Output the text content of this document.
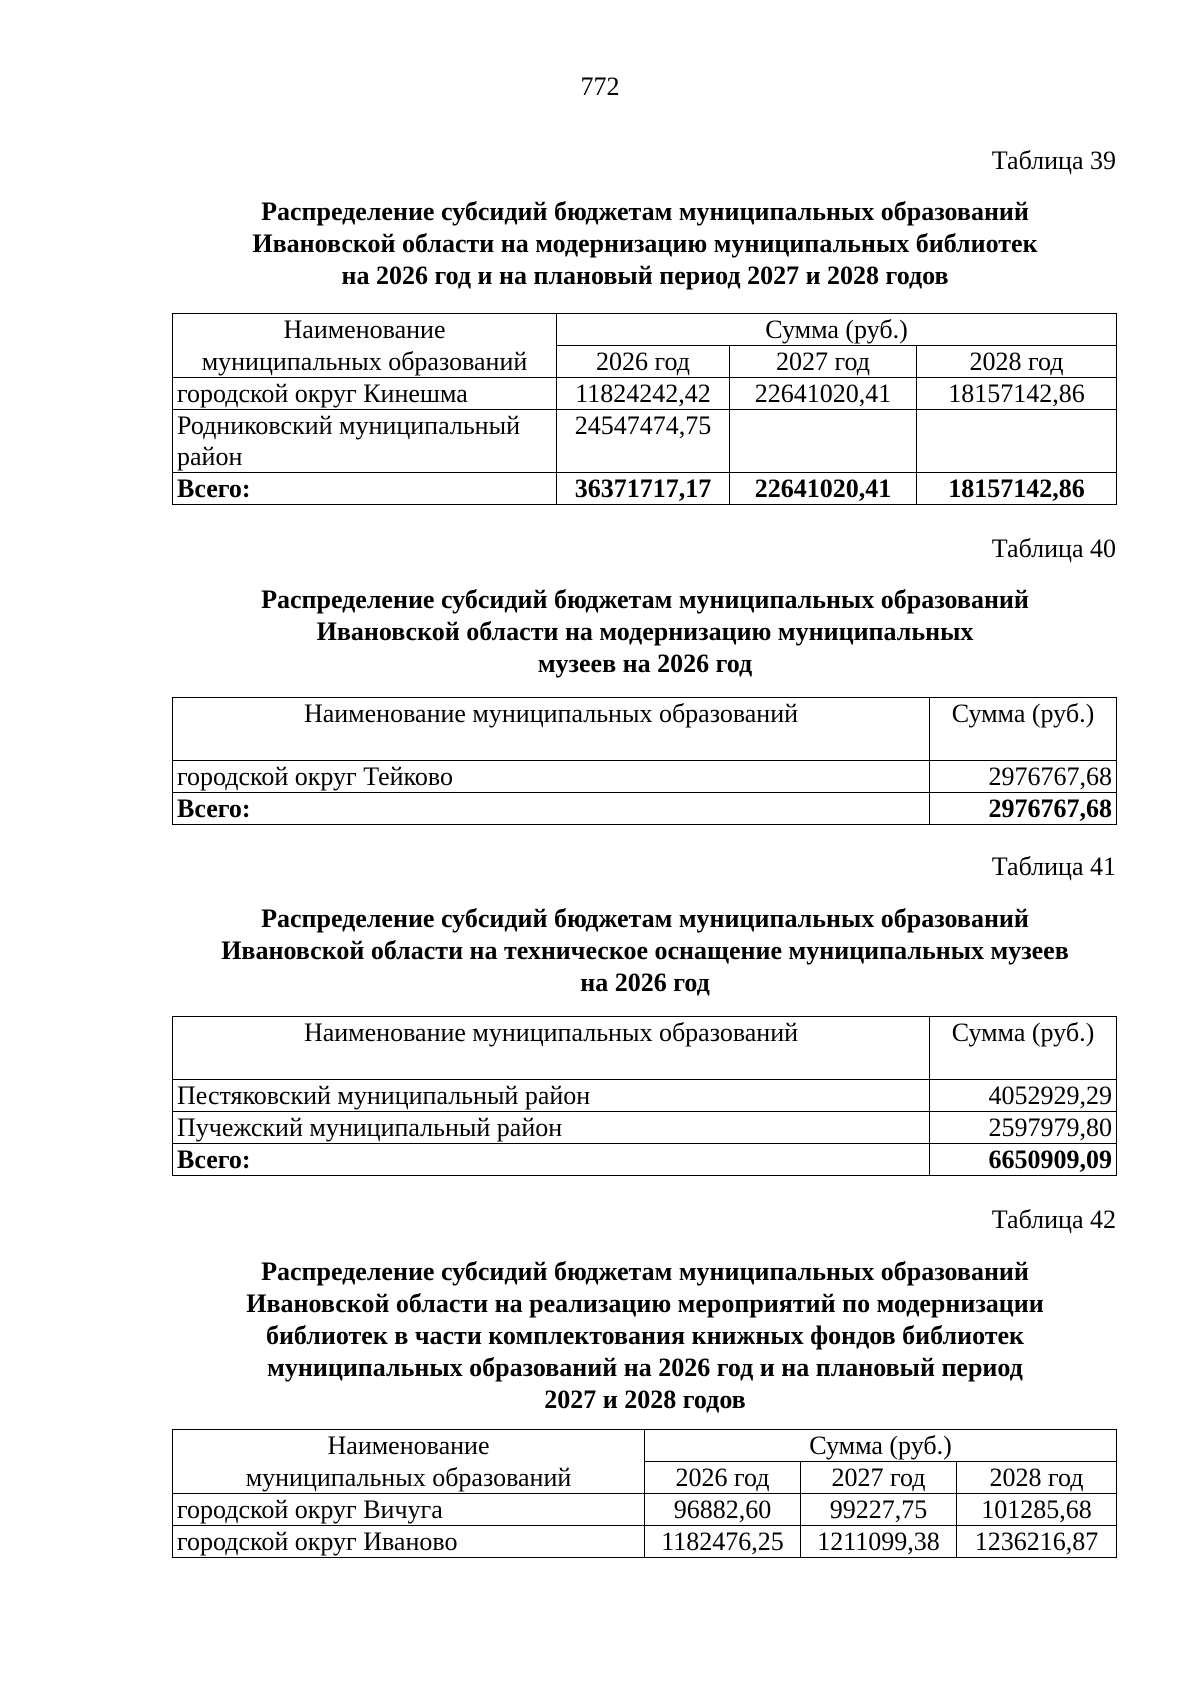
772
Таблица 39
Распределение субсидий бюджетам муниципальных образований
Ивановской области на модернизацию муниципальных библиотек
на 2026 год и на плановый период 2027 и 2028 годов
Наименование	Сумма (руб.)		
муниципальных образований	2026 год	2027 год	2028 год
городской округ Кинешма	11824242,42	22641020,41	18157142,86

Родниковский муниципальный
район	24547474,75		
Всего:	36371717,17	22641020,41	18157142,86
Таблица 40
Распределение субсидий бюджетам муниципальных образований
Ивановской области на модернизацию муниципальных
музеев на 2026 год
Наименование муниципальных образований	Сумма (руб.)
городской округ Тейково	2976767,68
Всего:	2976767,68
Таблица 41
Распределение субсидий бюджетам муниципальных образований
Ивановской области на техническое оснащение муниципальных музеев
на 2026 год
Наименование муниципальных образований	Сумма (руб.)
Пестяковский муниципальный район	4052929,29
Пучежский муниципальный район	2597979,80
Всего:	6650909,09
Таблица 42
Распределение субсидий бюджетам муниципальных образований
Ивановской области на реализацию мероприятий по модернизации
библиотек в части комплектования книжных фондов библиотек
муниципальных образований на 2026 год и на плановый период
2027 и 2028 годов
Наименование	Сумма (руб.)		
муниципальных образований	2026 год	2027 год	2028 год
городской округ Вичуга	96882,60	99227,75	101285,68
городской округ Иваново	1182476,25	1211099,38	1236216,87
